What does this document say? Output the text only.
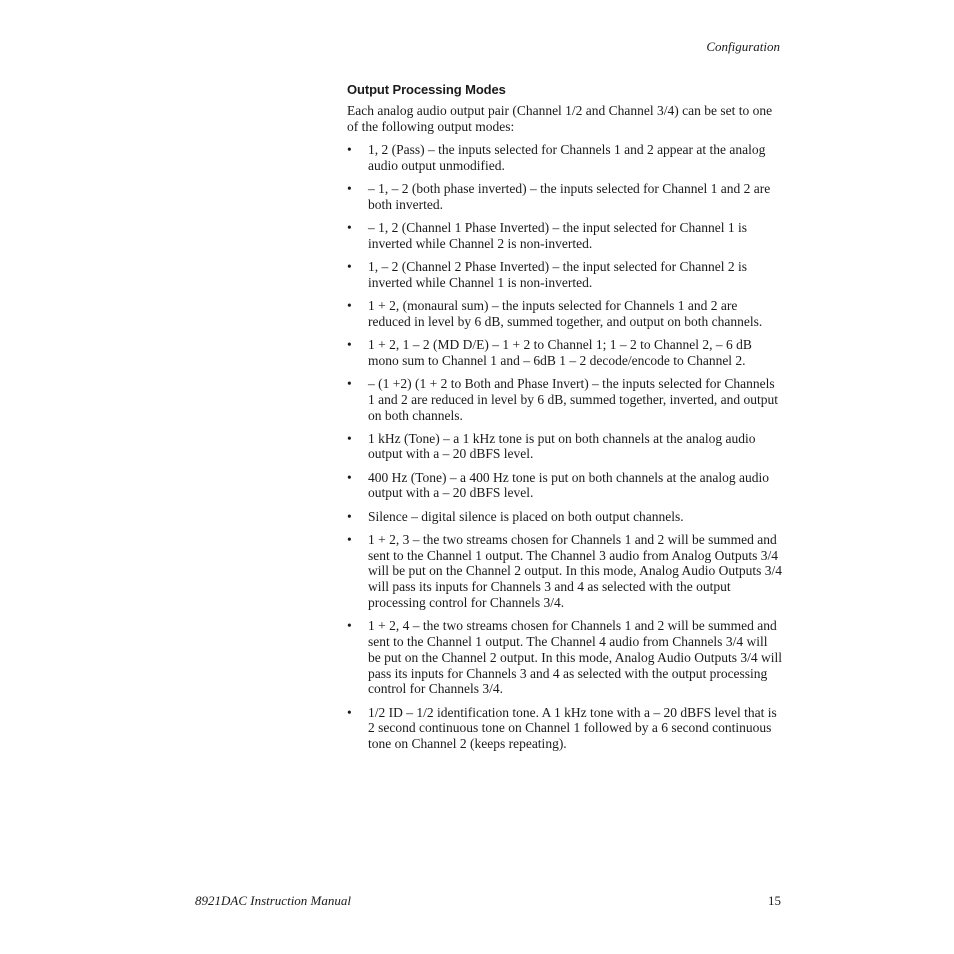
Configuration
Output Processing Modes

Each analog audio output pair (Channel 1/2 and Channel 3/4) can be set to one of the following output modes:

• 1, 2 (Pass) – the inputs selected for Channels 1 and 2 appear at the analog audio output unmodified.
• – 1, – 2 (both phase inverted) – the inputs selected for Channel 1 and 2 are both inverted.
• – 1, 2 (Channel 1 Phase Inverted) – the input selected for Channel 1 is inverted while Channel 2 is non-inverted.
• 1, – 2 (Channel 2 Phase Inverted) – the input selected for Channel 2 is inverted while Channel 1 is non-inverted.
• 1 + 2, (monaural sum) – the inputs selected for Channels 1 and 2 are reduced in level by 6 dB, summed together, and output on both channels.
• 1 + 2, 1 – 2 (MD D/E) – 1 + 2 to Channel 1; 1 – 2 to Channel 2, – 6 dB mono sum to Channel 1 and – 6dB 1 – 2 decode/encode to Channel 2.
• – (1 +2) (1 + 2 to Both and Phase Invert) – the inputs selected for Channels 1 and 2 are reduced in level by 6 dB, summed together, inverted, and output on both channels.
• 1 kHz (Tone) – a 1 kHz tone is put on both channels at the analog audio output with a – 20 dBFS level.
• 400 Hz (Tone) – a 400 Hz tone is put on both channels at the analog audio output with a – 20 dBFS level.
• Silence – digital silence is placed on both output channels.
• 1 + 2, 3 – the two streams chosen for Channels 1 and 2 will be summed and sent to the Channel 1 output. The Channel 3 audio from Analog Outputs 3/4 will be put on the Channel 2 output. In this mode, Analog Audio Outputs 3/4 will pass its inputs for Channels 3 and 4 as selected with the output processing control for Channels 3/4.
• 1 + 2, 4 – the two streams chosen for Channels 1 and 2 will be summed and sent to the Channel 1 output. The Channel 4 audio from Channels 3/4 will be put on the Channel 2 output. In this mode, Analog Audio Outputs 3/4 will pass its inputs for Channels 3 and 4 as selected with the output processing control for Channels 3/4.
• 1/2 ID – 1/2 identification tone. A 1 kHz tone with a – 20 dBFS level that is 2 second continuous tone on Channel 1 followed by a 6 second continuous tone on Channel 2 (keeps repeating).
8921DAC Instruction Manual	15
